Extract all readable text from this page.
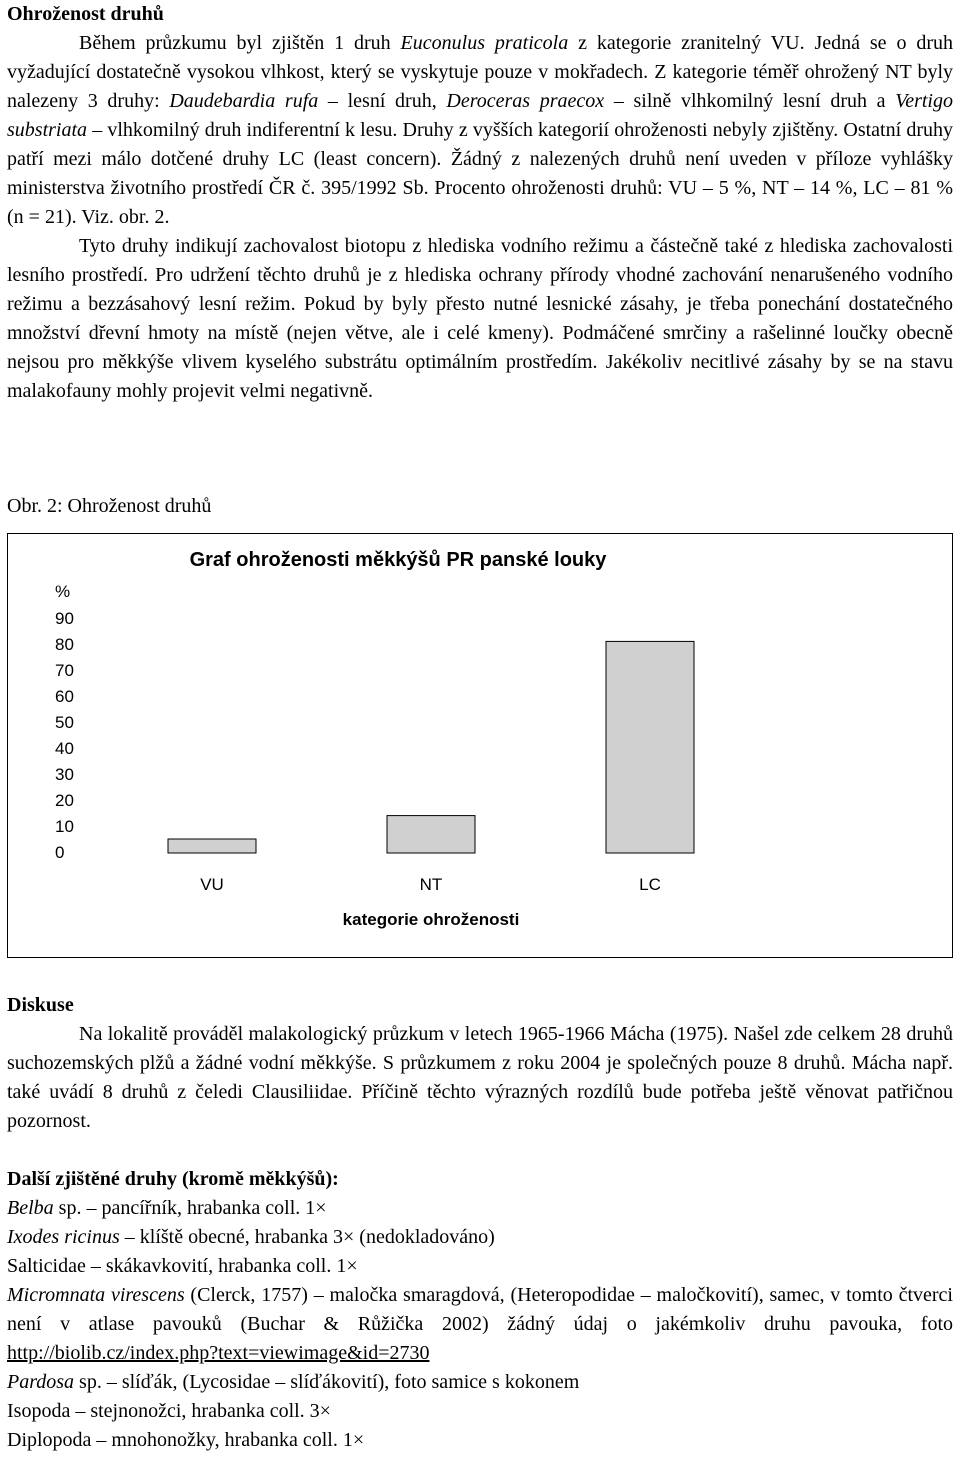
Ohroženost druhů

Během průzkumu byl zjištěn 1 druh Euconulus praticola z kategorie zranitelný VU. Jedná se o druh vyžadující dostatečně vysokou vlhkost, který se vyskytuje pouze v mokřadech. Z kategorie téměř ohrožený NT byly nalezeny 3 druhy: Daudebardia rufa – lesní druh, Deroceras praecox – silně vlhkomilný lesní druh a Vertigo substriata – vlhkomilný druh indiferentní k lesu. Druhy z vyšších kategorií ohroženosti nebyly zjištěny. Ostatní druhy patří mezi málo dotčené druhy LC (least concern). Žádný z nalezených druhů není uveden v příloze vyhlášky ministerstva životního prostředí ČR č. 395/1992 Sb. Procento ohroženosti druhů: VU – 5 %, NT – 14 %, LC – 81 % (n = 21). Viz. obr. 2.

Tyto druhy indikují zachovalost biotopu z hlediska vodního režimu a částečně také z hlediska zachovalosti lesního prostředí. Pro udržení těchto druhů je z hlediska ochrany přírody vhodné zachování nenarušeného vodního režimu a bezzásahový lesní režim. Pokud by byly přesto nutné lesnické zásahy, je třeba ponechání dostatečného množství dřevní hmoty na místě (nejen větve, ale i celé kmeny). Podmáčené smrčiny a rašelinné loučky obecně nejsou pro měkkýše vlivem kyselého substrátu optimálním prostředím. Jakékoliv necitlivé zásahy by se na stavu malakofauny mohly projevit velmi negativně.

Obr. 2: Ohroženost druhů
Graf ohroženosti měkkýšů PR panské louky
%
90
80
70
60
50
40
30
20
10
0
VU	NT	LC
kategorie ohroženosti
Diskuse

Na lokalitě prováděl malakologický průzkum v letech 1965-1966 Mácha (1975). Našel zde celkem 28 druhů suchozemských plžů a žádné vodní měkkýše. S průzkumem z roku 2004 je společných pouze 8 druhů. Mácha např. také uvádí 8 druhů z čeledi Clausiliidae. Příčině těchto výrazných rozdílů bude potřeba ještě věnovat patřičnou pozornost.

Další zjištěné druhy (kromě měkkýšů):
Belba sp. – pancířník, hrabanka coll. 1×
Ixodes ricinus – klíště obecné, hrabanka 3× (nedokladováno)
Salticidae – skákavkovití, hrabanka coll. 1×
Micromnata virescens (Clerck, 1757) – maločka smaragdová, (Heteropodidae – maločkovití), samec, v tomto čtverci není v atlase pavouků (Buchar & Růžička 2002) žádný údaj o jakémkoliv druhu pavouka, foto http://biolib.cz/index.php?text=viewimage&id=2730
Pardosa sp. – slíďák, (Lycosidae – slíďákovití), foto samice s kokonem
Isopoda – stejnonožci, hrabanka coll. 3×
Diplopoda – mnohonožky, hrabanka coll. 1×
